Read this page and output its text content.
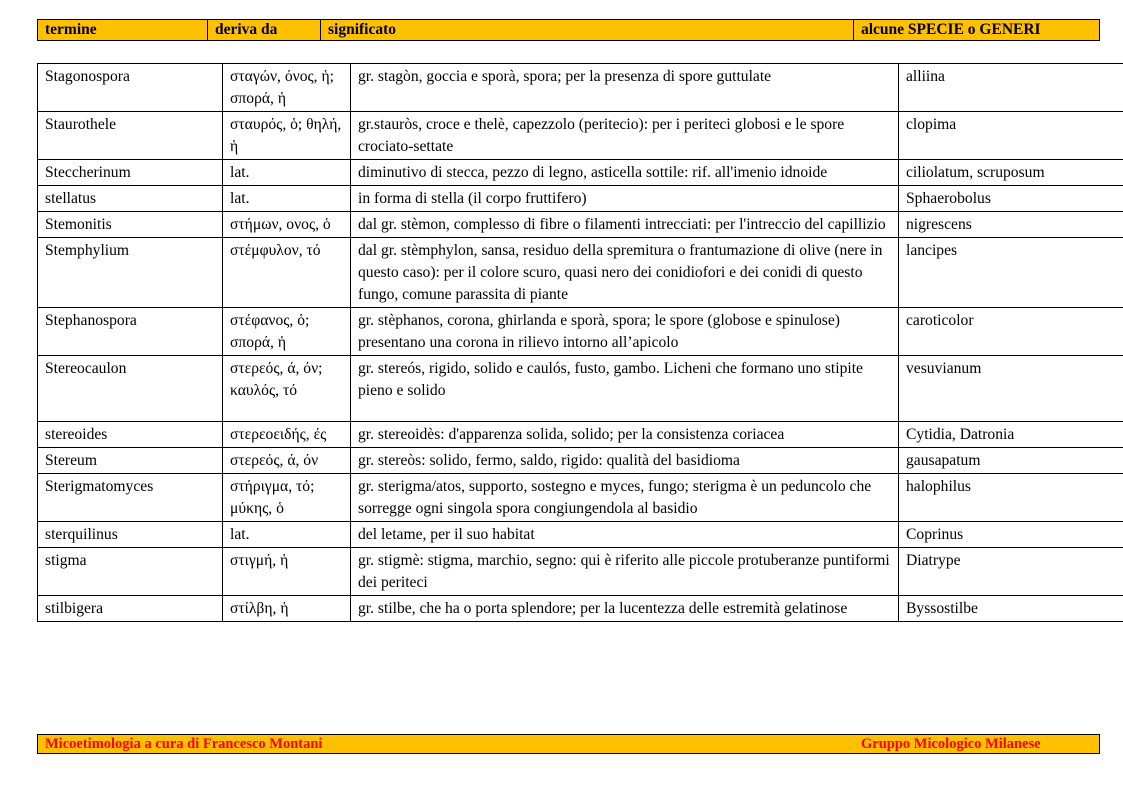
termine	deriva da	significato	alcune SPECIE o GENERI
Stagonospora	σταγών, όνος, ἡ; σπορά, ἡ	gr. stagòn, goccia e sporà, spora; per la presenza di spore guttulate	alliina
Staurothele	σταυρός, ὁ; θηλή, ἡ	gr.stauròs, croce e thelè, capezzolo (peritecio): per i periteci globosi e le spore crociato-settate	clopima
Steccherinum	lat.	diminutivo di stecca, pezzo di legno, asticella sottile: rif. all'imenio idnoide	ciliolatum, scruposum
stellatus	lat.	in forma di stella (il corpo fruttifero)	Sphaerobolus
Stemonitis	στήμων, ονος, ὁ	dal gr. stèmon, complesso di fibre o filamenti intrecciati: per l'intreccio del capillizio	nigrescens
Stemphylium	στέμφυλον, τό	dal gr. stèmphylon, sansa, residuo della spremitura o frantumazione di olive (nere in questo caso): per il colore scuro, quasi nero dei conidiofori e dei conidi di questo fungo, comune parassita di piante	lancipes
Stephanospora	στέφανος, ὁ; σπορά, ἡ	gr. stèphanos, corona, ghirlanda e sporà, spora; le spore (globose e spinulose) presentano una corona in rilievo intorno all’apicolo	caroticolor
Stereocaulon	στερεός, ά, όν; καυλός, τό	gr. stereós, rigido, solido e caulós, fusto, gambo. Licheni che formano uno stipite pieno e solido	vesuvianum
stereoides	στερεοειδής, ές	gr. stereoidès: d'apparenza solida, solido; per la consistenza coriacea	Cytidia, Datronia
Stereum	στερεός, ά, όν	gr. stereòs: solido, fermo, saldo, rigido: qualità del basidioma	gausapatum
Sterigmatomyces	στήριγμα, τό; μύκης, ὁ	gr. sterigma/atos, supporto, sostegno e myces, fungo; sterigma è un peduncolo che sorregge ogni singola spora congiungendola al basidio	halophilus
sterquilinus	lat.	del letame, per il suo habitat	Coprinus
stigma	στιγμή, ἡ	gr. stigmè: stigma, marchio, segno: qui è riferito alle piccole protuberanze puntiformi dei periteci	Diatrype
stilbigera	στίλβη, ἡ	gr. stilbe, che ha o porta splendore; per la lucentezza delle estremità gelatinose	Byssostilbe
Micoetimologia a cura di Francesco Montani	Gruppo Micologico Milanese
